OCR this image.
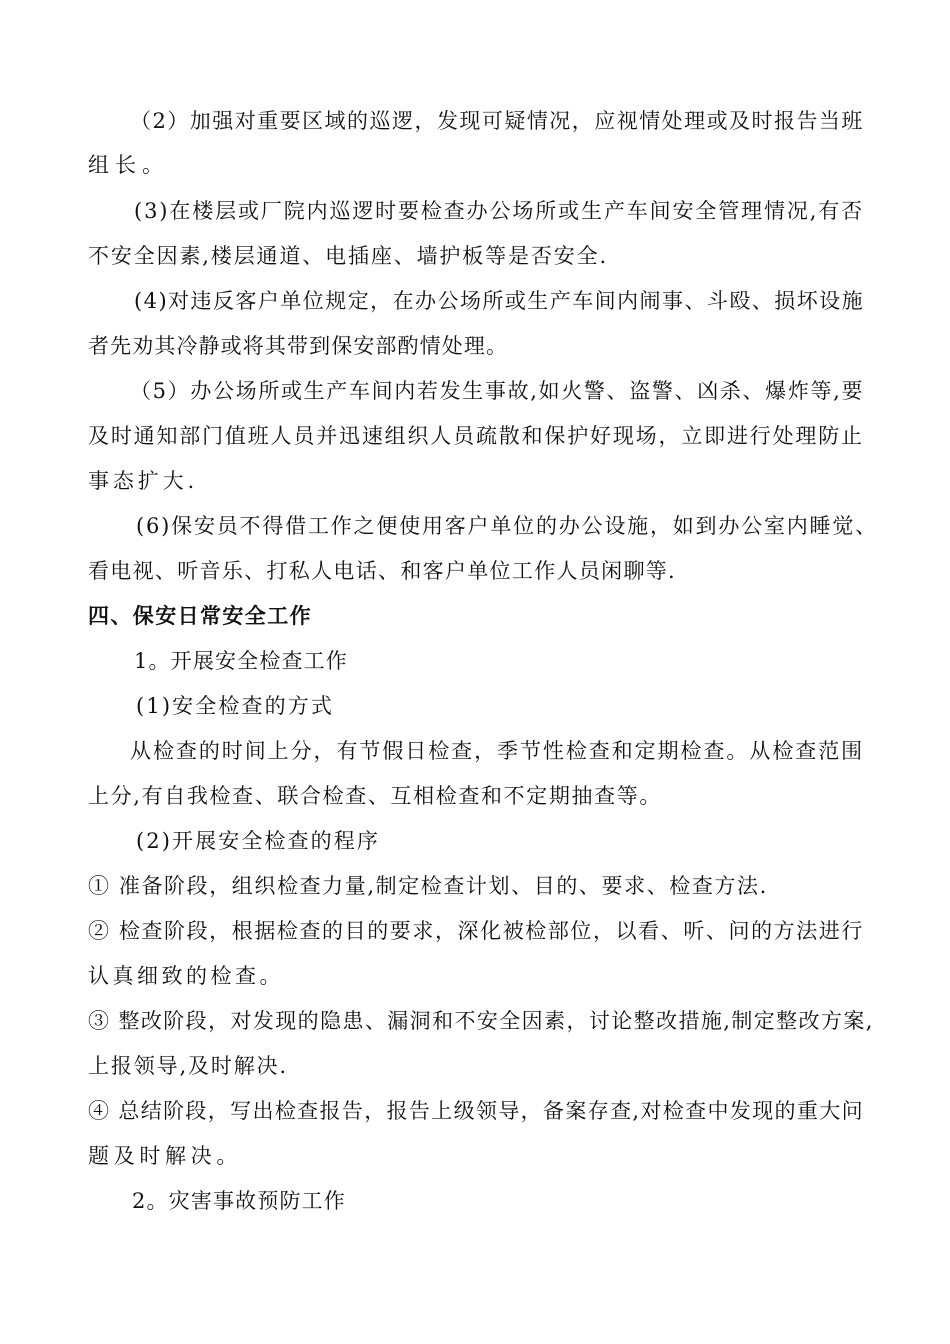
（2）加强对重要区域的巡逻，发现可疑情况，应视情处理或及时报告当班
组长。
(3)在楼层或厂院内巡逻时要检查办公场所或生产车间安全管理情况,有否
不安全因素,楼层通道、电插座、墙护板等是否安全.
(4)对违反客户单位规定，在办公场所或生产车间内闹事、斗殴、损坏设施
者先劝其冷静或将其带到保安部酌情处理。
（5）办公场所或生产车间内若发生事故,如火警、盗警、凶杀、爆炸等,要
及时通知部门值班人员并迅速组织人员疏散和保护好现场，立即进行处理防止
事态扩大.
(6)保安员不得借工作之便使用客户单位的办公设施，如到办公室内睡觉、
看电视、听音乐、打私人电话、和客户单位工作人员闲聊等.
四、保安日常安全工作
1。开展安全检查工作
(1)安全检查的方式
从检查的时间上分，有节假日检查，季节性检查和定期检查。从检查范围
上分,有自我检查、联合检查、互相检查和不定期抽查等。
(2)开展安全检查的程序
① 准备阶段，组织检查力量,制定检查计划、目的、要求、检查方法.
② 检查阶段，根据检查的目的要求，深化被检部位，以看、听、问的方法进行
认真细致的检查。
③ 整改阶段，对发现的隐患、漏洞和不安全因素，讨论整改措施,制定整改方案,
上报领导,及时解决.
④ 总结阶段，写出检查报告，报告上级领导，备案存查,对检查中发现的重大问
题及时解决。
2。灾害事故预防工作
